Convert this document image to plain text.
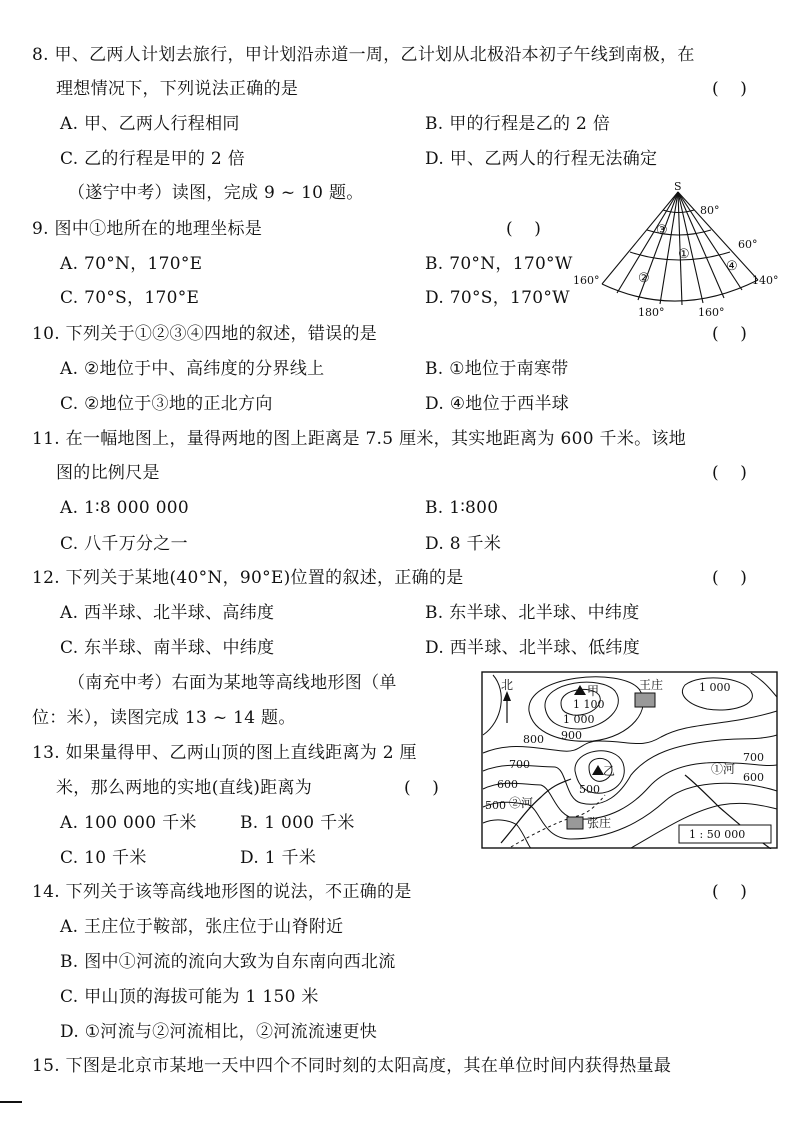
8. 甲、乙两人计划去旅行，甲计划沿赤道一周，乙计划从北极沿本初子午线到南极，在
理想情况下，下列说法正确的是	(    )
A. 甲、乙两人行程相同	B. 甲的行程是乙的 2 倍
C. 乙的行程是甲的 2 倍	D. 甲、乙两人的行程无法确定
（遂宁中考）读图，完成 9 ~ 10 题。
9. 图中①地所在的地理坐标是	(    )
A. 70°N，170°E	B. 70°N，170°W
C. 70°S，170°E	D. 70°S，170°W
S
80°
60°
160°	140°
180°	160°
③
①
②
④
10. 下列关于①②③④四地的叙述，错误的是	(    )
A. ②地位于中、高纬度的分界线上	B. ①地位于南寒带
C. ②地位于③地的正北方向	D. ④地位于西半球
11. 在一幅地图上，量得两地的图上距离是 7.5 厘米，其实地距离为 600 千米。该地
图的比例尺是	(    )
A. 1∶8 000 000	B. 1∶800
C. 八千万分之一	D. 8 千米
12. 下列关于某地(40°N，90°E)位置的叙述，正确的是	(    )
A. 西半球、北半球、高纬度	B. 东半球、北半球、中纬度
C. 东半球、南半球、中纬度	D. 西半球、北半球、低纬度
（南充中考）右面为某地等高线地形图（单
位：米），读图完成 13 ~ 14 题。
北	甲
1 100
乙
王庄
张庄
1 000
1 000
900
800
700
700
600
600
500
500
①河
②河
1 : 50 000
13. 如果量得甲、乙两山顶的图上直线距离为 2 厘
米，那么两地的实地(直线)距离为	(    )
A. 100 000 千米	B. 1 000 千米
C. 10 千米	D. 1 千米
14. 下列关于该等高线地形图的说法，不正确的是	(    )
A. 王庄位于鞍部，张庄位于山脊附近
B. 图中①河流的流向大致为自东南向西北流
C. 甲山顶的海拔可能为 1 150 米
D. ①河流与②河流相比，②河流流速更快
15. 下图是北京市某地一天中四个不同时刻的太阳高度，其在单位时间内获得热量最
